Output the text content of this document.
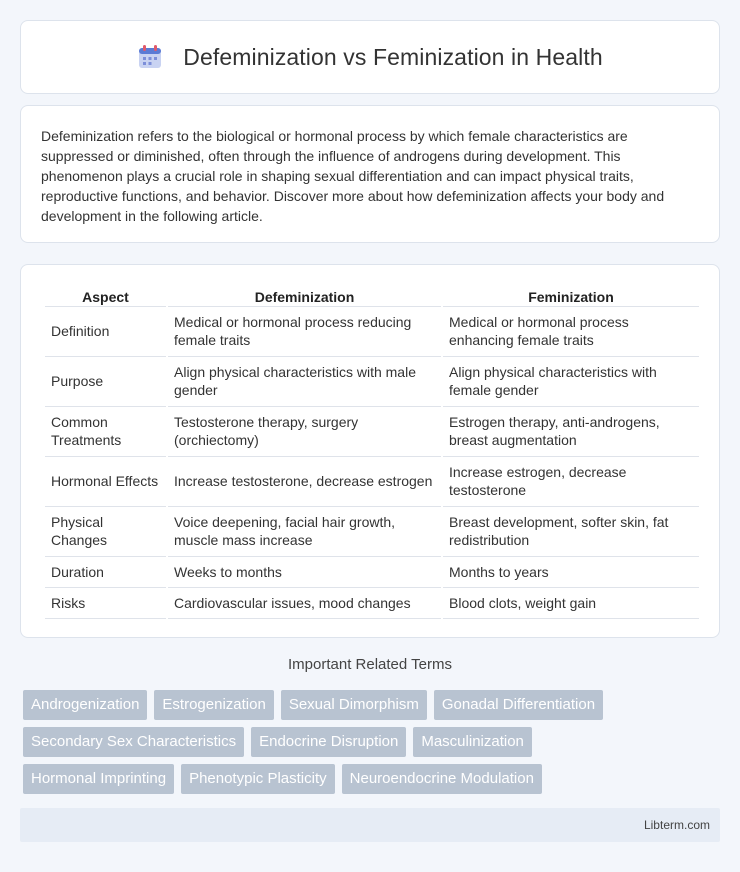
Defeminization vs Feminization in Health

Defeminization refers to the biological or hormonal process by which female characteristics are suppressed or diminished, often through the influence of androgens during development. This phenomenon plays a crucial role in shaping sexual differentiation and can impact physical traits, reproductive functions, and behavior. Discover more about how defeminization affects your body and development in the following article.

Aspect	Defeminization	Feminization
Definition	Medical or hormonal process reducing female traits	Medical or hormonal process enhancing female traits
Purpose	Align physical characteristics with male gender	Align physical characteristics with female gender
Common Treatments	Testosterone therapy, surgery (orchiectomy)	Estrogen therapy, anti-androgens, breast augmentation
Hormonal Effects	Increase testosterone, decrease estrogen	Increase estrogen, decrease testosterone
Physical Changes	Voice deepening, facial hair growth, muscle mass increase	Breast development, softer skin, fat redistribution
Duration	Weeks to months	Months to years
Risks	Cardiovascular issues, mood changes	Blood clots, weight gain
Important Related Terms
Androgenization	Estrogenization	Sexual Dimorphism	Gonadal Differentiation
Secondary Sex Characteristics	Endocrine Disruption	Masculinization
Hormonal Imprinting	Phenotypic Plasticity	Neuroendocrine Modulation
Libterm.com
